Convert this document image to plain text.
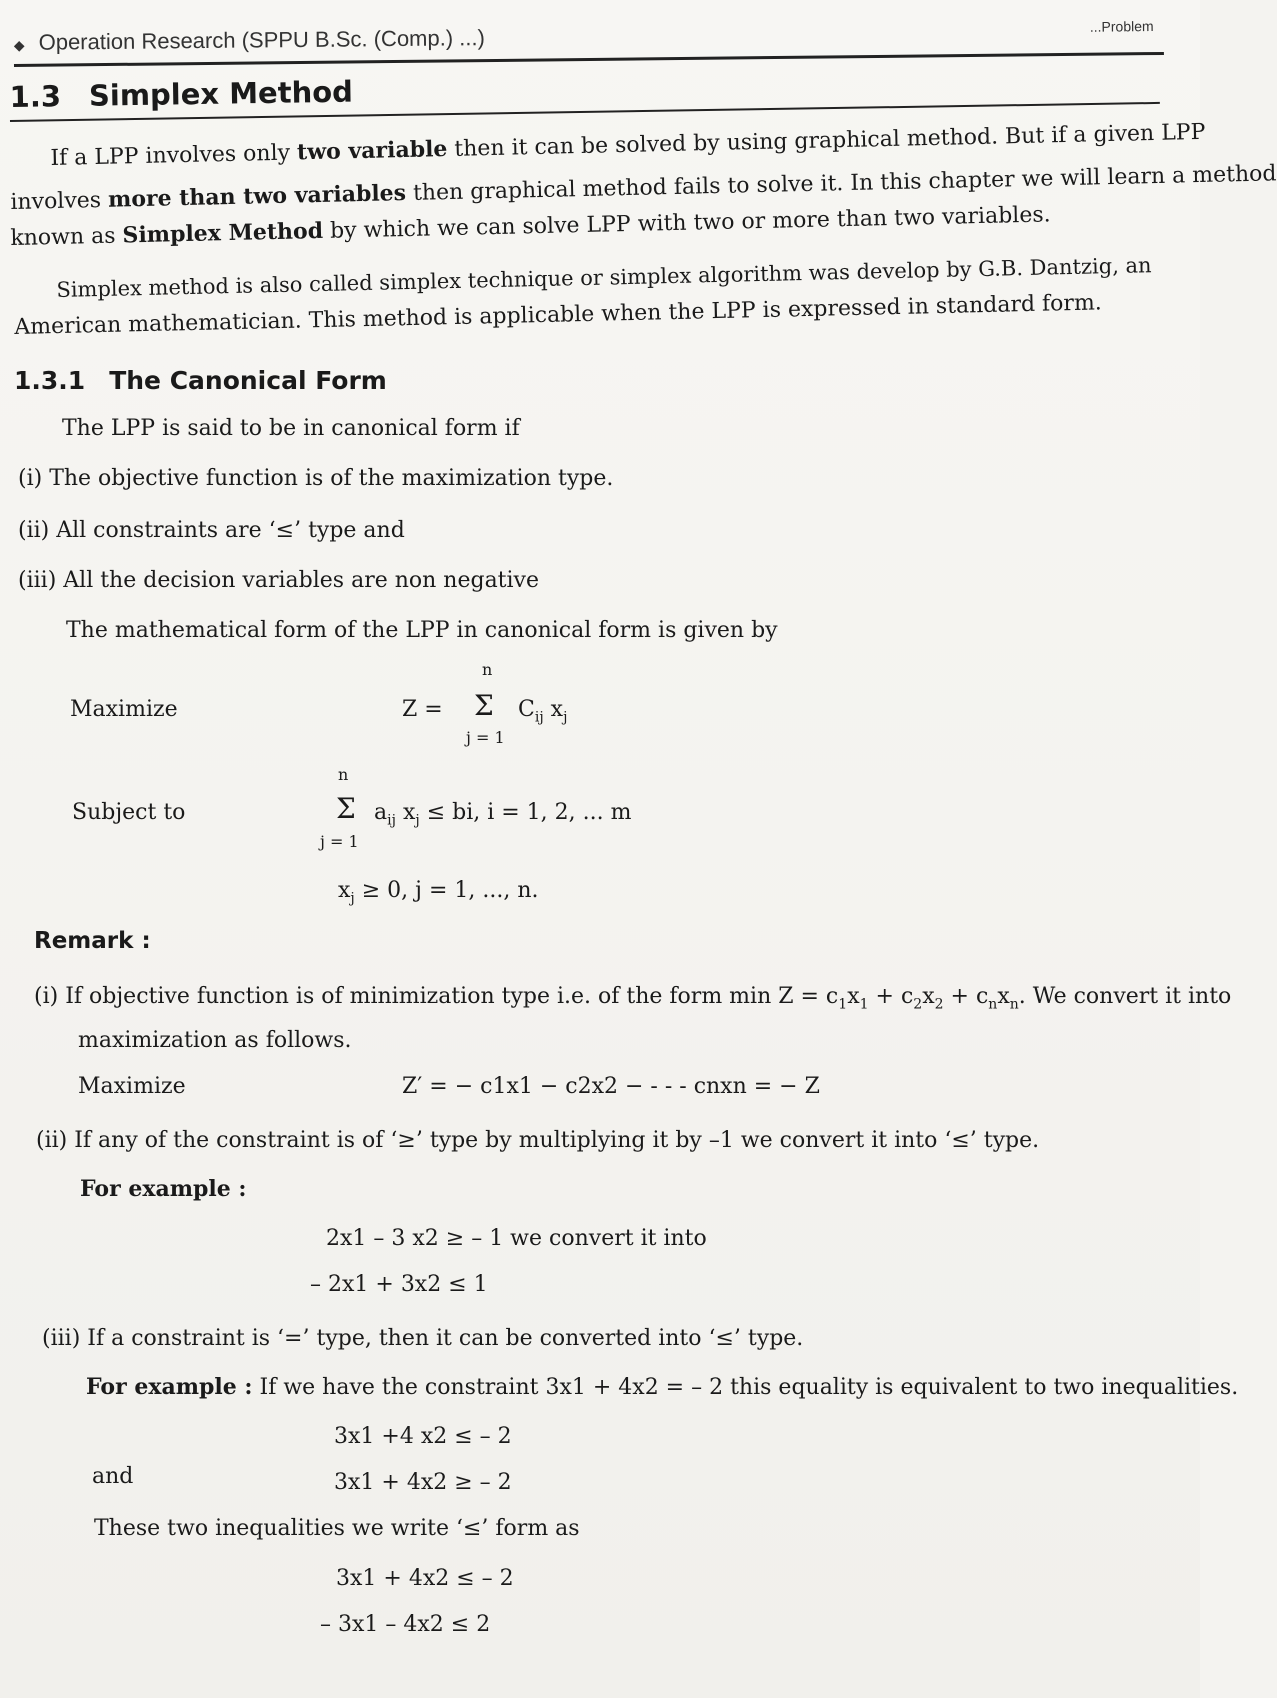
◆ Operation Research (SPPU B.Sc. (Comp.) ...)	...Problem
1.3 Simplex Method
If a LPP involves only two variable then it can be solved by using graphical method. But if a given LPP
involves more than two variables then graphical method fails to solve it. In this chapter we will learn a method
known as Simplex Method by which we can solve LPP with two or more than two variables.
Simplex method is also called simplex technique or simplex algorithm was develop by G.B. Dantzig, an
American mathematician. This method is applicable when the LPP is expressed in standard form.
1.3.1 The Canonical Form
The LPP is said to be in canonical form if
(i) The objective function is of the maximization type.
(ii) All constraints are ‘≤’ type and
(iii) All the decision variables are non negative
The mathematical form of the LPP in canonical form is given by
Maximize	Z =
n
Σ $C_{ij}$ $x_j$
j = 1
Subject to
n
Σ $a_{ij}$ $x_j$ ≤ bi, i = 1, 2, ... m
j = 1
$x_j \ge 0$, j = 1, ..., n.
Remark :
(i) If objective function is of minimization type i.e. of the form $\min Z = c_1x_1 + c_2x_2 + c_nx_n$. We convert it into
maximization as follows.
Maximize	Z′ = − c1x1 − c2x2 − - - - cnxn = − Z
(ii) If any of the constraint is of ‘≥’ type by multiplying it by –1 we convert it into ‘≤’ type.
For example :
2x1 – 3 x2 ≥ – 1 we convert it into
– 2x1 + 3x2 ≤ 1
(iii) If a constraint is ‘=’ type, then it can be converted into ‘≤’ type.
For example : If we have the constraint 3x1 + 4x2 = – 2 this equality is equivalent to two inequalities.
3x1 +4 x2 ≤ – 2
and	3x1 + 4x2 ≥ – 2
These two inequalities we write ‘≤’ form as
3x1 + 4x2 ≤ – 2
– 3x1 – 4x2 ≤ 2
